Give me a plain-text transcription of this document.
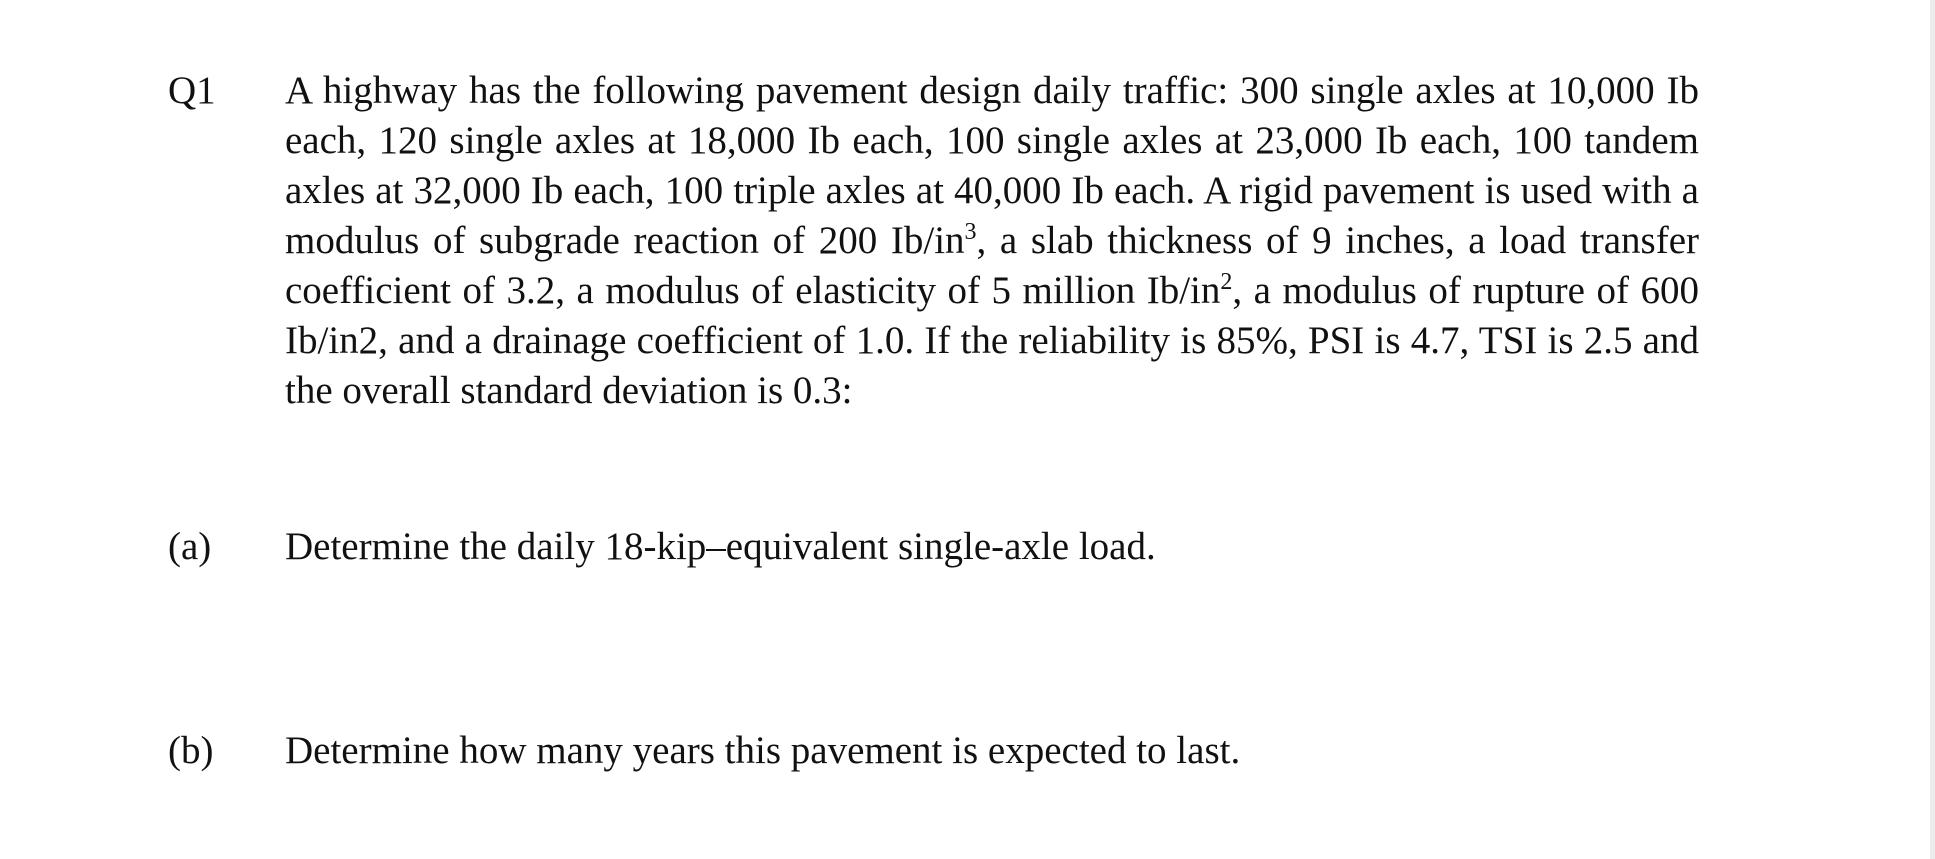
Q1 A highway has the following pavement design daily traffic: 300 single axles at 10,000 Ib each, 120 single axles at 18,000 Ib each, 100 single axles at 23,000 Ib each, 100 tandem axles at 32,000 Ib each, 100 triple axles at 40,000 Ib each. A rigid pavement is used with a modulus of subgrade reaction of 200 $Ib/in^3$, a slab thickness of 9 inches, a load transfer coefficient of 3.2, a modulus of elasticity of 5 million $Ib/in^2$, a modulus of rupture of 600 Ib/in2, and a drainage coefficient of 1.0. If the reliability is 85%, PSI is 4.7, TSI is 2.5 and the overall standard deviation is 0.3:
(a) Determine the daily 18-kip–equivalent single-axle load.
(b) Determine how many years this pavement is expected to last.
